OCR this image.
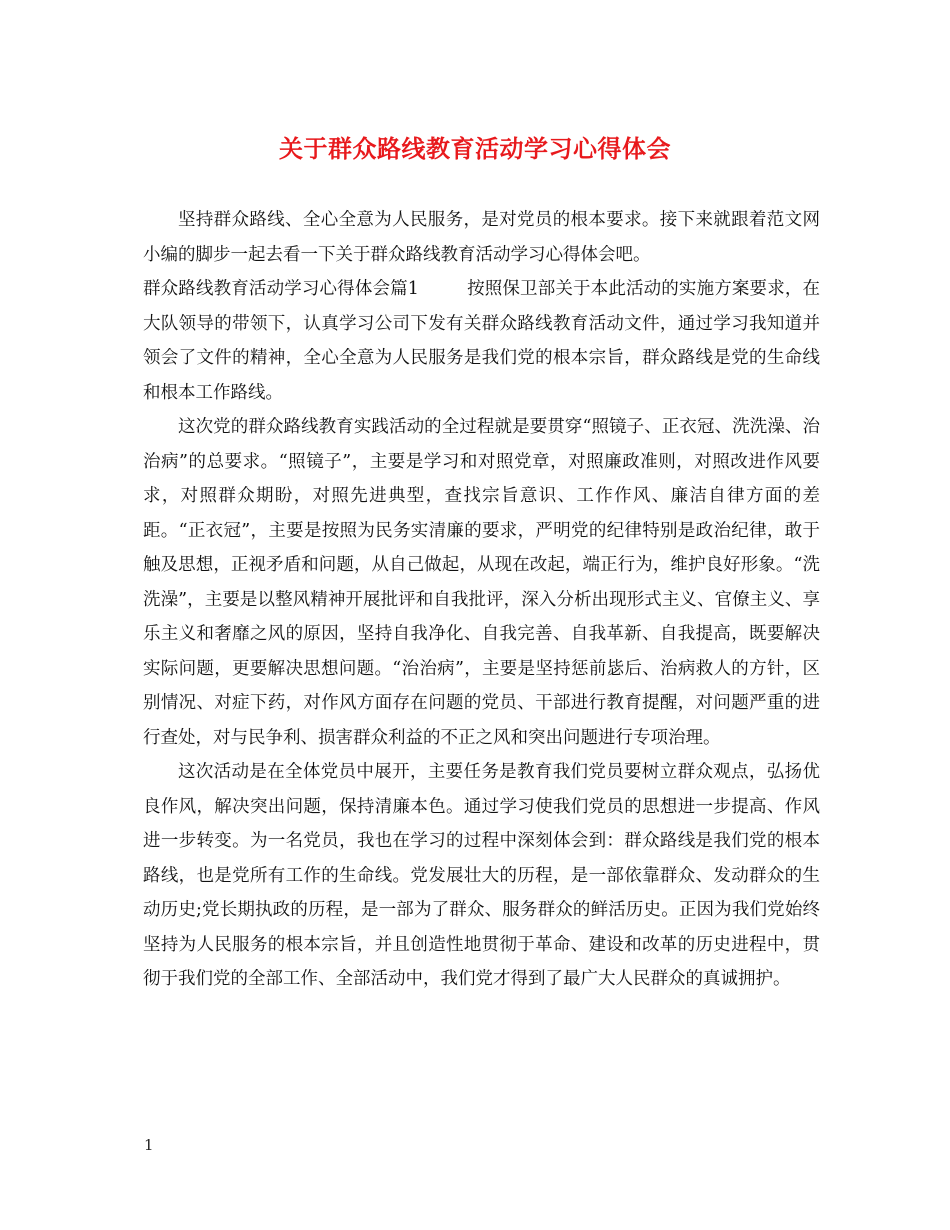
关于群众路线教育活动学习心得体会

坚持群众路线、全心全意为人民服务，是对党员的根本要求。接下来就跟着范文网小编的脚步一起去看一下关于群众路线教育活动学习心得体会吧。

群众路线教育活动学习心得体会篇1	按照保卫部关于本此活动的实施方案要求，在大队领导的带领下，认真学习公司下发有关群众路线教育活动文件，通过学习我知道并领会了文件的精神，全心全意为人民服务是我们党的根本宗旨，群众路线是党的生命线和根本工作路线。

这次党的群众路线教育实践活动的全过程就是要贯穿“照镜子、正衣冠、洗洗澡、治治病”的总要求。“照镜子”，主要是学习和对照党章，对照廉政准则，对照改进作风要求，对照群众期盼，对照先进典型，查找宗旨意识、工作作风、廉洁自律方面的差距。“正衣冠”，主要是按照为民务实清廉的要求，严明党的纪律特别是政治纪律，敢于触及思想，正视矛盾和问题，从自己做起，从现在改起，端正行为，维护良好形象。“洗洗澡”，主要是以整风精神开展批评和自我批评，深入分析出现形式主义、官僚主义、享乐主义和奢靡之风的原因，坚持自我净化、自我完善、自我革新、自我提高，既要解决实际问题，更要解决思想问题。“治治病”，主要是坚持惩前毖后、治病救人的方针，区别情况、对症下药，对作风方面存在问题的党员、干部进行教育提醒，对问题严重的进行查处，对与民争利、损害群众利益的不正之风和突出问题进行专项治理。

这次活动是在全体党员中展开，主要任务是教育我们党员要树立群众观点，弘扬优良作风，解决突出问题，保持清廉本色。通过学习使我们党员的思想进一步提高、作风进一步转变。为一名党员，我也在学习的过程中深刻体会到：群众路线是我们党的根本路线，也是党所有工作的生命线。党发展壮大的历程，是一部依靠群众、发动群众的生动历史;党长期执政的历程，是一部为了群众、服务群众的鲜活历史。正因为我们党始终坚持为人民服务的根本宗旨，并且创造性地贯彻于革命、建设和改革的历史进程中，贯彻于我们党的全部工作、全部活动中，我们党才得到了最广大人民群众的真诚拥护。

1
